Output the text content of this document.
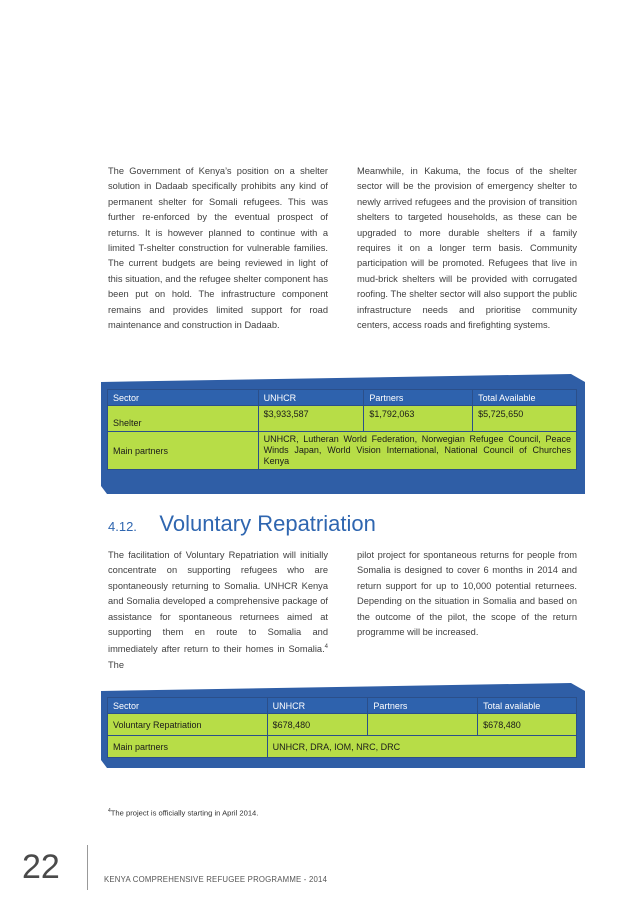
The Government of Kenya’s position on a shelter solution in Dadaab specifically prohibits any kind of permanent shelter for Somali refugees. This was further re-enforced by the eventual prospect of returns. It is however planned to continue with a limited T-shelter construction for vulnerable families. The current budgets are being reviewed in light of this situation, and the refugee shelter component has been put on hold. The infrastructure component remains and provides limited support for road maintenance and construction in Dadaab.
Meanwhile, in Kakuma, the focus of the shelter sector will be the provision of emergency shelter to newly arrived refugees and the provision of transition shelters to targeted households, as these can be upgraded to more durable shelters if a family requires it on a longer term basis. Community participation will be promoted. Refugees that live in mud-brick shelters will be provided with corrugated roofing. The shelter sector will also support the public infrastructure needs and prioritise community centers, access roads and firefighting systems.
Sector	UNHCR	Partners	Total Available
Shelter	$3,933,587	$1,792,063	$5,725,650
Main partners	UNHCR, Lutheran World Federation, Norwegian Refugee Council, Peace Winds Japan, World Vision International, National Council of Churches Kenya		
4.12. Voluntary Repatriation
The facilitation of Voluntary Repatriation will initially concentrate on supporting refugees who are spontaneously returning to Somalia. UNHCR Kenya and Somalia developed a comprehensive package of assistance for spontaneous returnees aimed at supporting them en route to Somalia and immediately after return to their homes in Somalia.$^4$ The
pilot project for spontaneous returns for people from Somalia is designed to cover 6 months in 2014 and return support for up to 10,000 potential returnees. Depending on the situation in Somalia and based on the outcome of the pilot, the scope of the return programme will be increased.
Sector	UNHCR	Partners	Total available
Voluntary Repatriation	$678,480		$678,480
Main partners	UNHCR, DRA, IOM, NRC, DRC		
$^4$The project is officially starting in April 2014.
22	KENYA COMPREHENSIVE REFUGEE PROGRAMME - 2014
